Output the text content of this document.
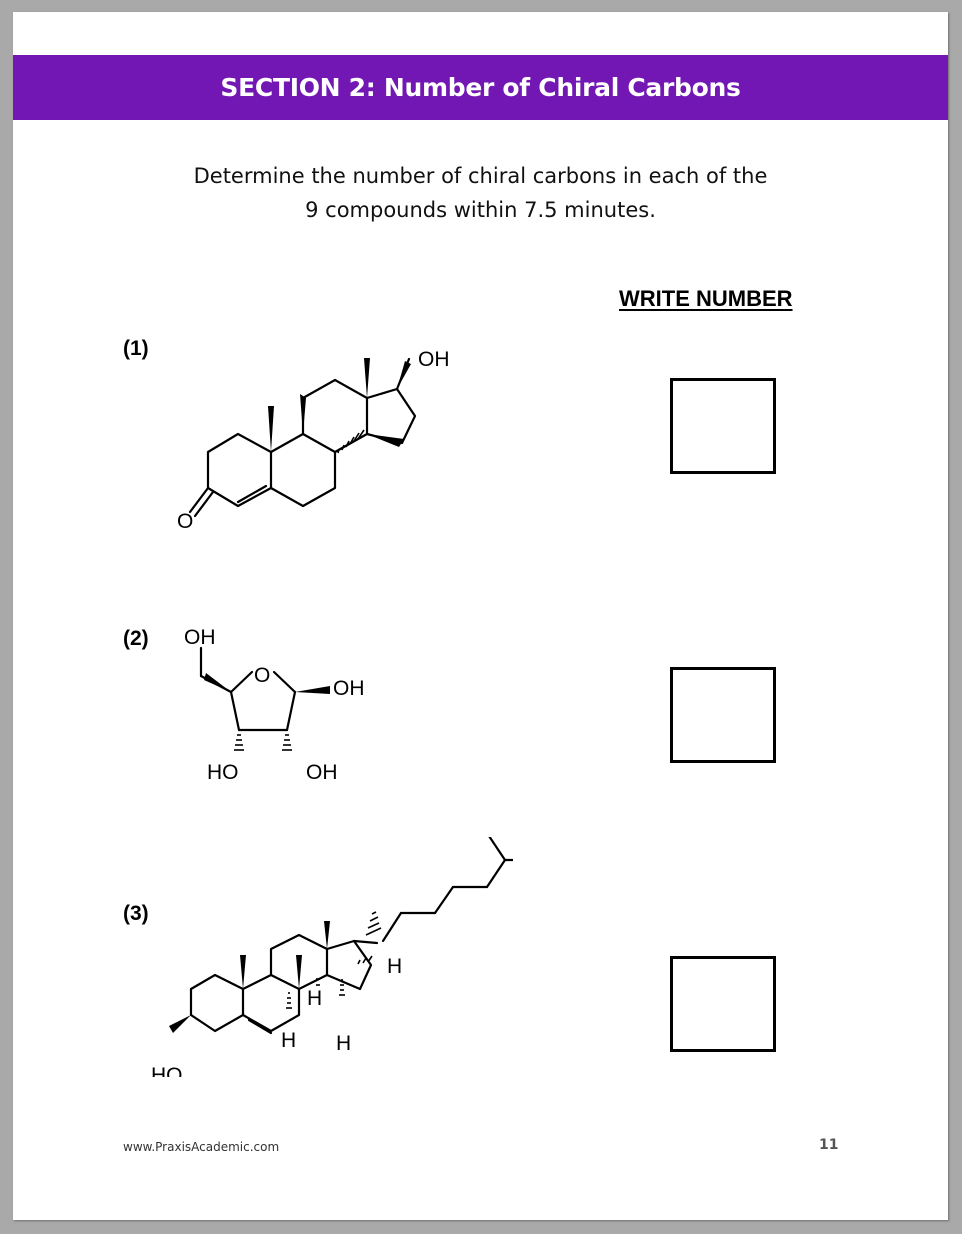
SECTION 2: Number of Chiral Carbons
Determine the number of chiral carbons in each of the
9 compounds within 7.5 minutes.
WRITE NUMBER
(1)	OH
O
(2) OH
O
OH
HO	OH
(3)
HO
H
H
H
H
www.PraxisAcademic.com	11
